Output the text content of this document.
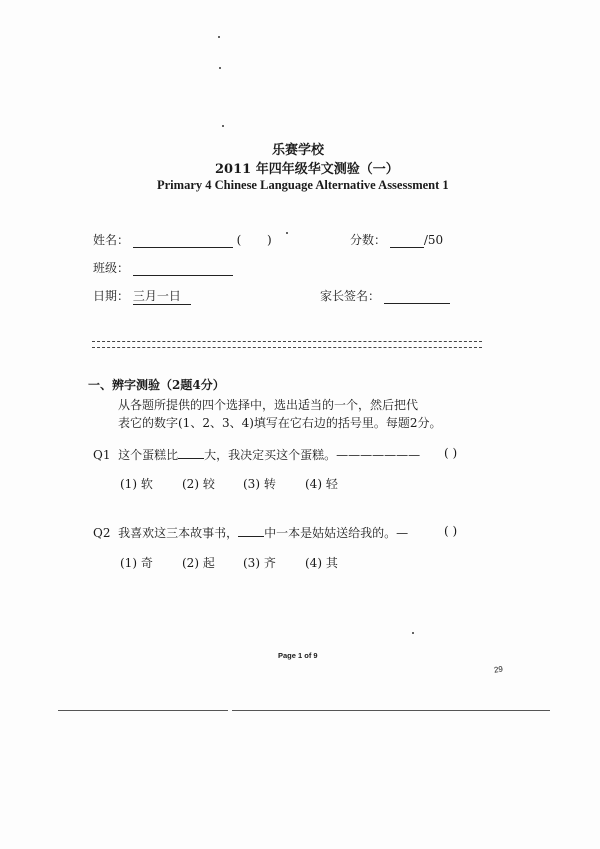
乐赛学校
2011 年四年级华文测验（一）
Primary 4 Chinese Language Alternative Assessment 1
姓名：	( )	分数：	/50
班级：
日期： 三月一日	家长签名：
一、辨字测验（2题4分）
从各题所提供的四个选择中，选出适当的一个，然后把代
表它的数字(1、2、3、4)填写在它右边的括号里。每题2分。
Q1 这个蛋糕比 大，我决定买这个蛋糕。——————— ( )
(1) 软 (2) 较 (3) 转 (4) 轻
Q2 我喜欢这三本故事书， 中一本是姑姑送给我的。—	( )
(1) 奇 (2) 起 (3) 齐 (4) 其
Page 1 of 9
29
